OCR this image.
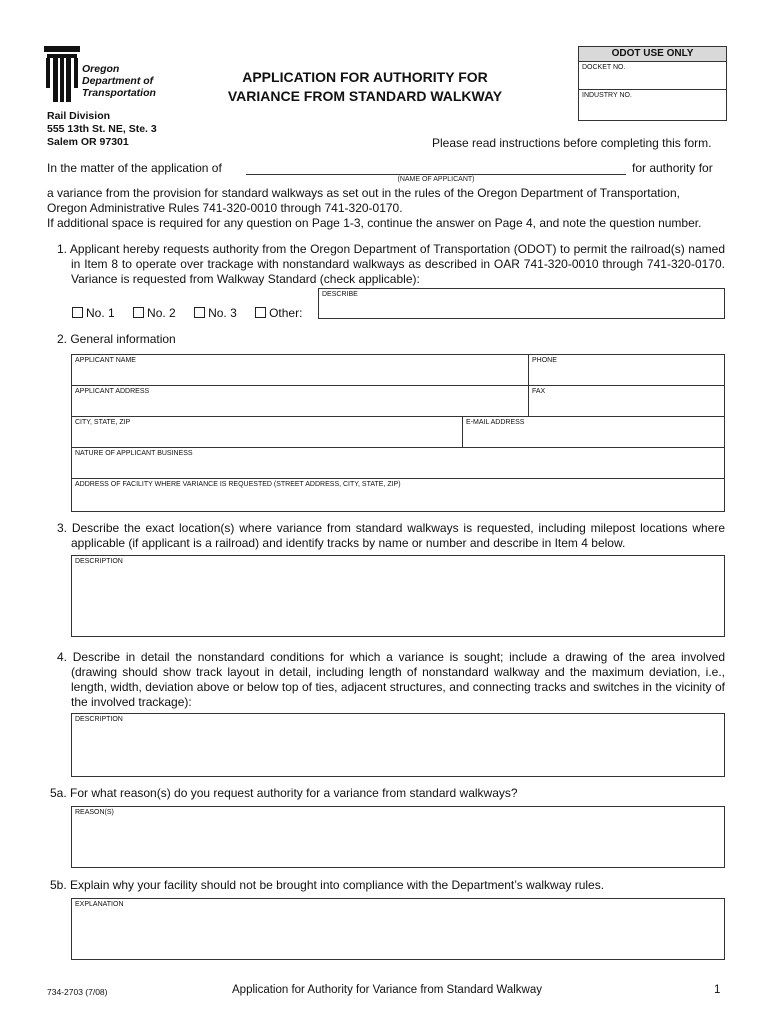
Oregon
Department of
Transportation
APPLICATION FOR AUTHORITY FOR
VARIANCE FROM STANDARD WALKWAY
ODOT USE ONLY
DOCKET NO.
INDUSTRY NO.
Rail Division
555 13th St. NE, Ste. 3
Salem OR 97301	Please read instructions before completing this form.
In the matter of the application of	for authority for
(NAME OF APPLICANT)
a variance from the provision for standard walkways as set out in the rules of the Oregon Department of Transportation,
Oregon Administrative Rules 741-320-0010 through 741-320-0170.
If additional space is required for any question on Page 1-3, continue the answer on Page 4, and note the question number.
1. Applicant hereby requests authority from the Oregon Department of Transportation (ODOT) to permit the railroad(s) named in Item 8 to operate over trackage with nonstandard walkways as described in OAR 741-320-0010 through 741-320-0170. Variance is requested from Walkway Standard (check applicable):
DESCRIBE
No. 1	No. 2	No. 3	Other:
2. General information
APPLICANT NAME	PHONE
APPLICANT ADDRESS	FAX
CITY, STATE, ZIP	E-MAIL ADDRESS
NATURE OF APPLICANT BUSINESS
ADDRESS OF FACILITY WHERE VARIANCE IS REQUESTED (STREET ADDRESS, CITY, STATE, ZIP)
3. Describe the exact location(s) where variance from standard walkways is requested, including milepost locations where applicable (if applicant is a railroad) and identify tracks by name or number and describe in Item 4 below.
DESCRIPTION
4. Describe in detail the nonstandard conditions for which a variance is sought; include a drawing of the area involved (drawing should show track layout in detail, including length of nonstandard walkway and the maximum deviation, i.e., length, width, deviation above or below top of ties, adjacent structures, and connecting tracks and switches in the vicinity of the involved trackage):
DESCRIPTION
5a. For what reason(s) do you request authority for a variance from standard walkways?
REASON(S)
5b. Explain why your facility should not be brought into compliance with the Department’s walkway rules.
EXPLANATION
734-2703 (7/08)	Application for Authority for Variance from Standard Walkway	1
